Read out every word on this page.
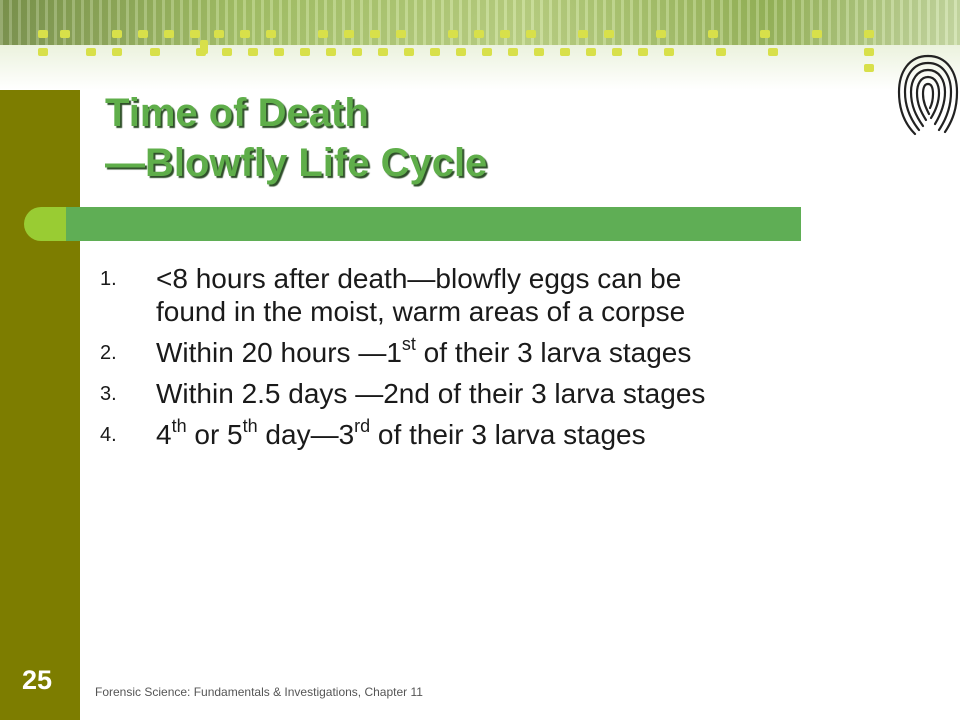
Time of Death
—Blowfly Life Cycle
1. <8 hours after death—blowfly eggs can be
found in the moist, warm areas of a corpse
2. Within 20 hours —1st of their 3 larva stages
3. Within 2.5 days —2nd of their 3 larva stages
4. 4th or 5th day—3rd of their 3 larva stages
25	Forensic Science: Fundamentals & Investigations, Chapter 11
